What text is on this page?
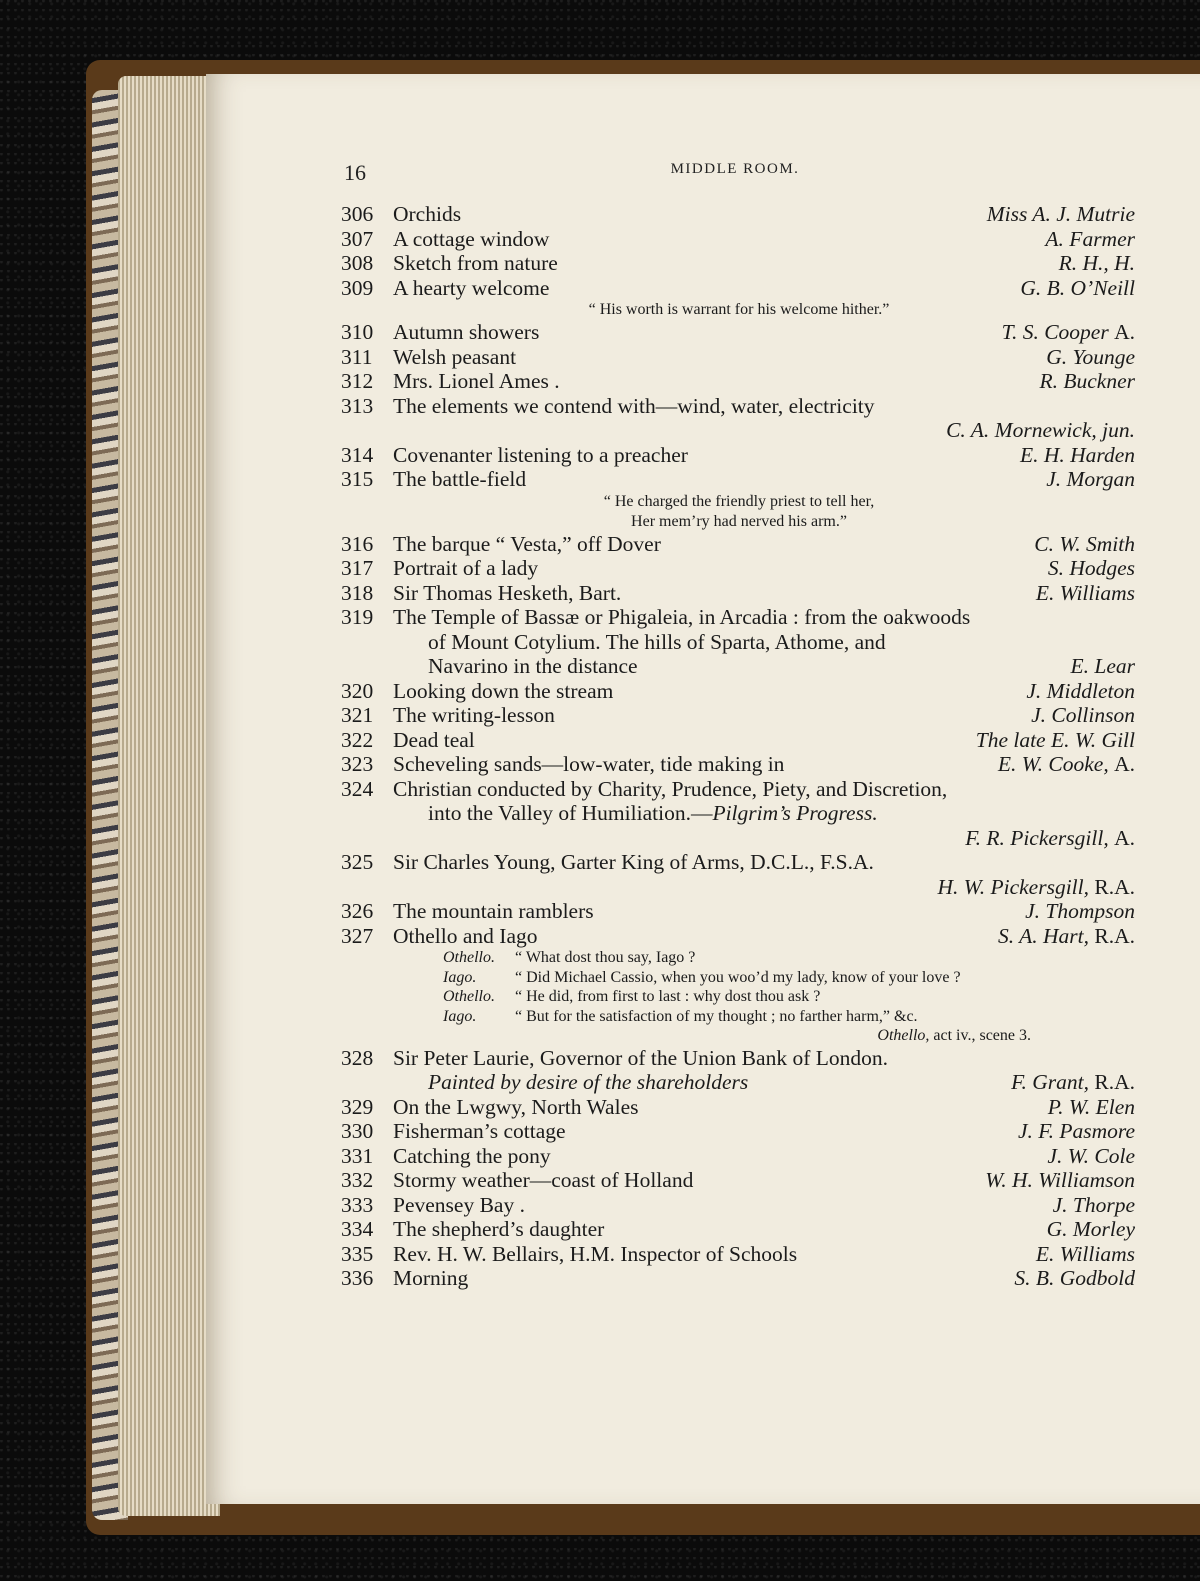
16	MIDDLE ROOM.
306 Orchids	Miss A. J. Mutrie
307 A cottage window	A. Farmer
308 Sketch from nature	R. H., H.
309 A hearty welcome	G. B. O’Neill
“ His worth is warrant for his welcome hither.”
310 Autumn showers	T. S. Cooper A.
311 Welsh peasant	G. Younge
312 Mrs. Lionel Ames .	R. Buckner
313 The elements we contend with—wind, water, electricity
C. A. Mornewick, jun.
314 Covenanter listening to a preacher	E. H. Harden
315 The battle-field	J. Morgan
“ He charged the friendly priest to tell her,
Her mem’ry had nerved his arm.”
316 The barque “ Vesta,” off Dover	C. W. Smith
317 Portrait of a lady	S. Hodges
318 Sir Thomas Hesketh, Bart.	E. Williams
319 The Temple of Bassæ or Phigaleia, in Arcadia : from the oakwoods
of Mount Cotylium. The hills of Sparta, Athome, and
Navarino in the distance	E. Lear
320 Looking down the stream	J. Middleton
321 The writing-lesson	J. Collinson
322 Dead teal	The late E. W. Gill
323 Scheveling sands—low-water, tide making in	E. W. Cooke, A.
324 Christian conducted by Charity, Prudence, Piety, and Discretion,
into the Valley of Humiliation.—Pilgrim’s Progress.
F. R. Pickersgill, A.
325 Sir Charles Young, Garter King of Arms, D.C.L., F.S.A.
H. W. Pickersgill, R.A.
326 The mountain ramblers	J. Thompson
327 Othello and Iago	S. A. Hart, R.A.
Othello. “ What dost thou say, Iago ?
Iago. “ Did Michael Cassio, when you woo’d my lady, know of your love ?
Othello. “ He did, from first to last : why dost thou ask ?
Iago. “ But for the satisfaction of my thought ; no farther harm,” &c.
Othello, act iv., scene 3.
328 Sir Peter Laurie, Governor of the Union Bank of London.
Painted by desire of the shareholders	F. Grant, R.A.
329 On the Lwgwy, North Wales	P. W. Elen
330 Fisherman’s cottage	J. F. Pasmore
331 Catching the pony	J. W. Cole
332 Stormy weather—coast of Holland	W. H. Williamson
333 Pevensey Bay .	J. Thorpe
334 The shepherd’s daughter	G. Morley
335 Rev. H. W. Bellairs, H.M. Inspector of Schools	E. Williams
336 Morning	S. B. Godbold
